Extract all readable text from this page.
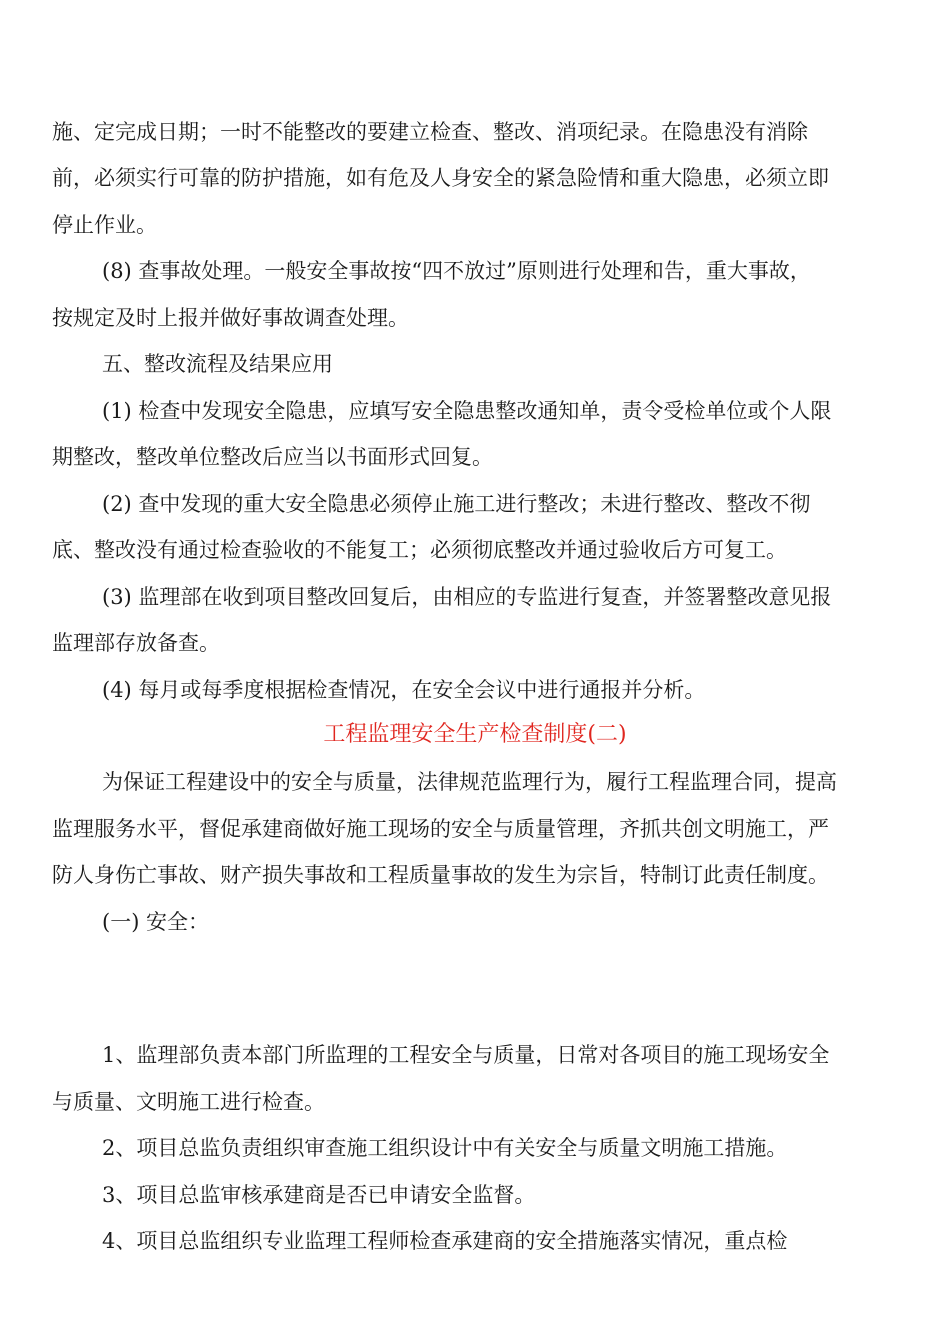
施、定完成日期；一时不能整改的要建立检查、整改、消项纪录。在隐患没有消除
前，必须实行可靠的防护措施，如有危及人身安全的紧急险情和重大隐患，必须立即
停止作业。
(8) 查事故处理。一般安全事故按“四不放过”原则进行处理和告，重大事故，
按规定及时上报并做好事故调查处理。
五、整改流程及结果应用
(1) 检查中发现安全隐患，应填写安全隐患整改通知单，责令受检单位或个人限
期整改，整改单位整改后应当以书面形式回复。
(2) 查中发现的重大安全隐患必须停止施工进行整改；未进行整改、整改不彻
底、整改没有通过检查验收的不能复工；必须彻底整改并通过验收后方可复工。
(3) 监理部在收到项目整改回复后，由相应的专监进行复查，并签署整改意见报
监理部存放备查。
(4) 每月或每季度根据检查情况，在安全会议中进行通报并分析。
工程监理安全生产检查制度(二)
为保证工程建设中的安全与质量，法律规范监理行为，履行工程监理合同，提高
监理服务水平，督促承建商做好施工现场的安全与质量管理，齐抓共创文明施工，严
防人身伤亡事故、财产损失事故和工程质量事故的发生为宗旨，特制订此责任制度。
(一) 安全：
1、监理部负责本部门所监理的工程安全与质量，日常对各项目的施工现场安全
与质量、文明施工进行检查。
2、项目总监负责组织审查施工组织设计中有关安全与质量文明施工措施。
3、项目总监审核承建商是否已申请安全监督。
4、项目总监组织专业监理工程师检查承建商的安全措施落实情况，重点检
